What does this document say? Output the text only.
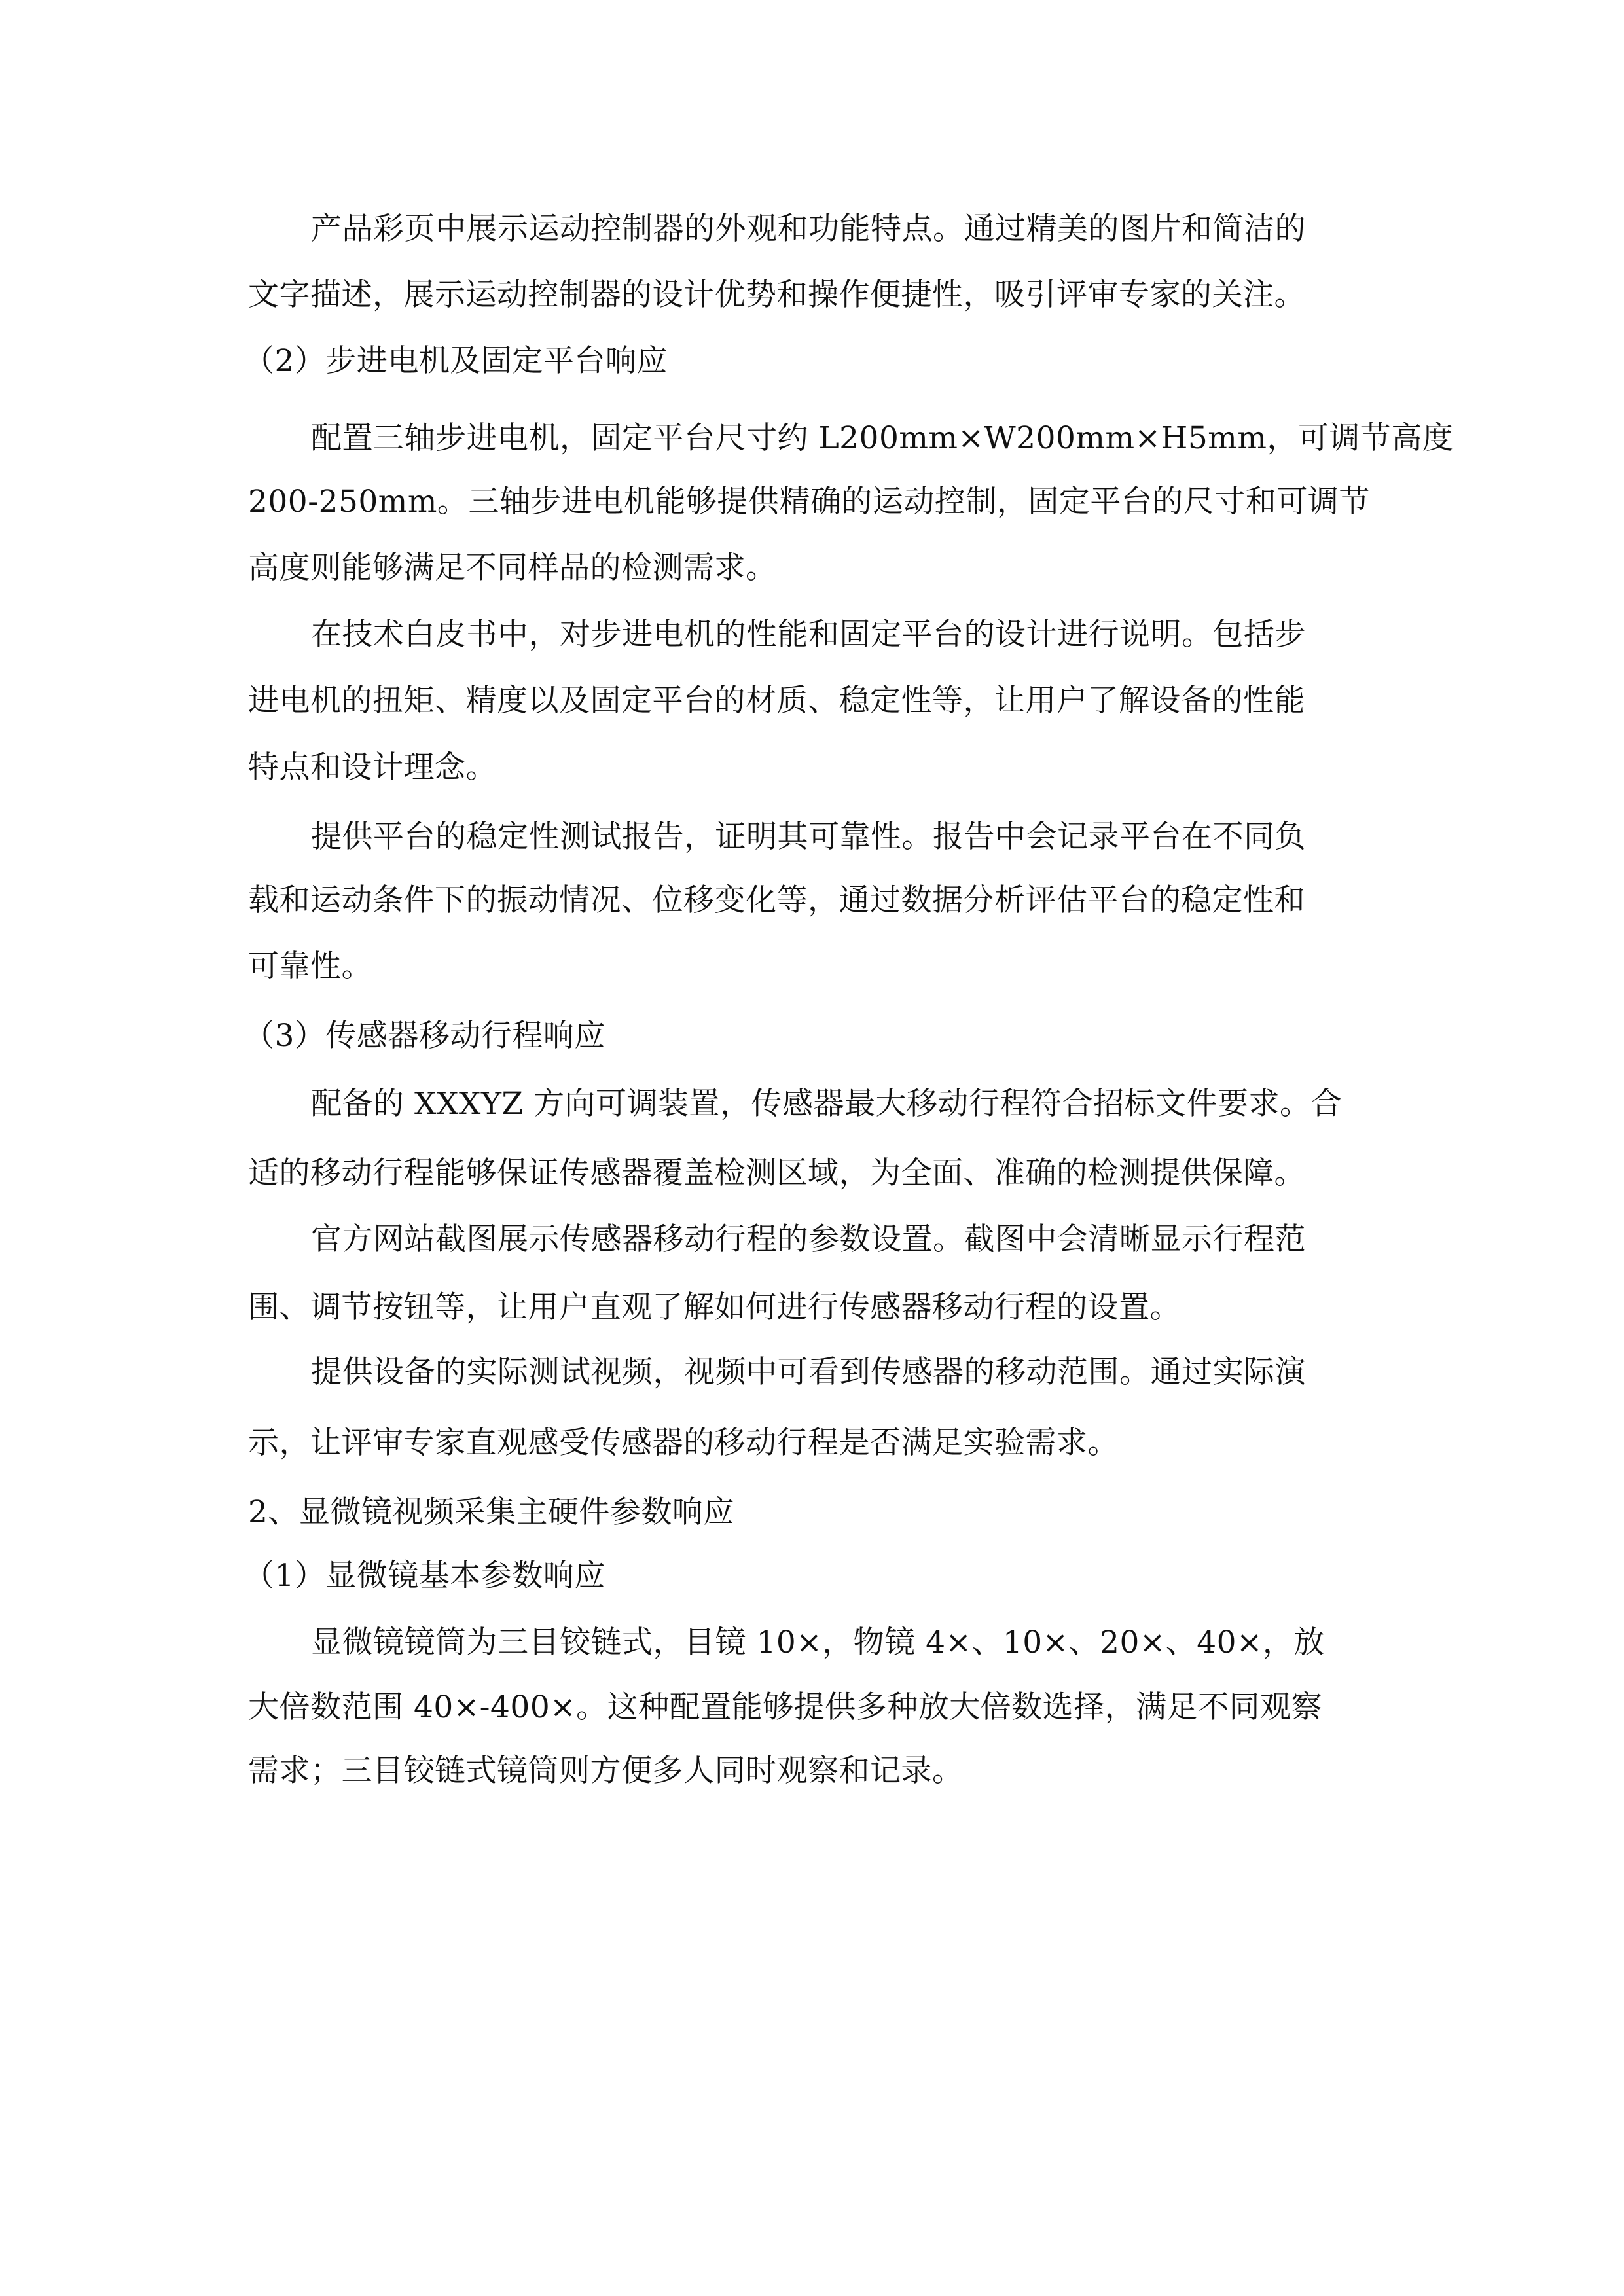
产品彩页中展示运动控制器的外观和功能特点。通过精美的图片和简洁的
文字描述，展示运动控制器的设计优势和操作便捷性，吸引评审专家的关注。
（2）步进电机及固定平台响应
配置三轴步进电机，固定平台尺寸约 L200mm×W200mm×H5mm，可调节高度
200-250mm。三轴步进电机能够提供精确的运动控制，固定平台的尺寸和可调节
高度则能够满足不同样品的检测需求。
在技术白皮书中，对步进电机的性能和固定平台的设计进行说明。包括步
进电机的扭矩、精度以及固定平台的材质、稳定性等，让用户了解设备的性能
特点和设计理念。
提供平台的稳定性测试报告，证明其可靠性。报告中会记录平台在不同负
载和运动条件下的振动情况、位移变化等，通过数据分析评估平台的稳定性和
可靠性。
（3）传感器移动行程响应
配备的 XXXYZ 方向可调装置，传感器最大移动行程符合招标文件要求。合
适的移动行程能够保证传感器覆盖检测区域，为全面、准确的检测提供保障。
官方网站截图展示传感器移动行程的参数设置。截图中会清晰显示行程范
围、调节按钮等，让用户直观了解如何进行传感器移动行程的设置。
提供设备的实际测试视频，视频中可看到传感器的移动范围。通过实际演
示，让评审专家直观感受传感器的移动行程是否满足实验需求。
2、显微镜视频采集主硬件参数响应
（1）显微镜基本参数响应
显微镜镜筒为三目铰链式，目镜 10×，物镜 4×、10×、20×、40×，放
大倍数范围 40×-400×。这种配置能够提供多种放大倍数选择，满足不同观察
需求；三目铰链式镜筒则方便多人同时观察和记录。
